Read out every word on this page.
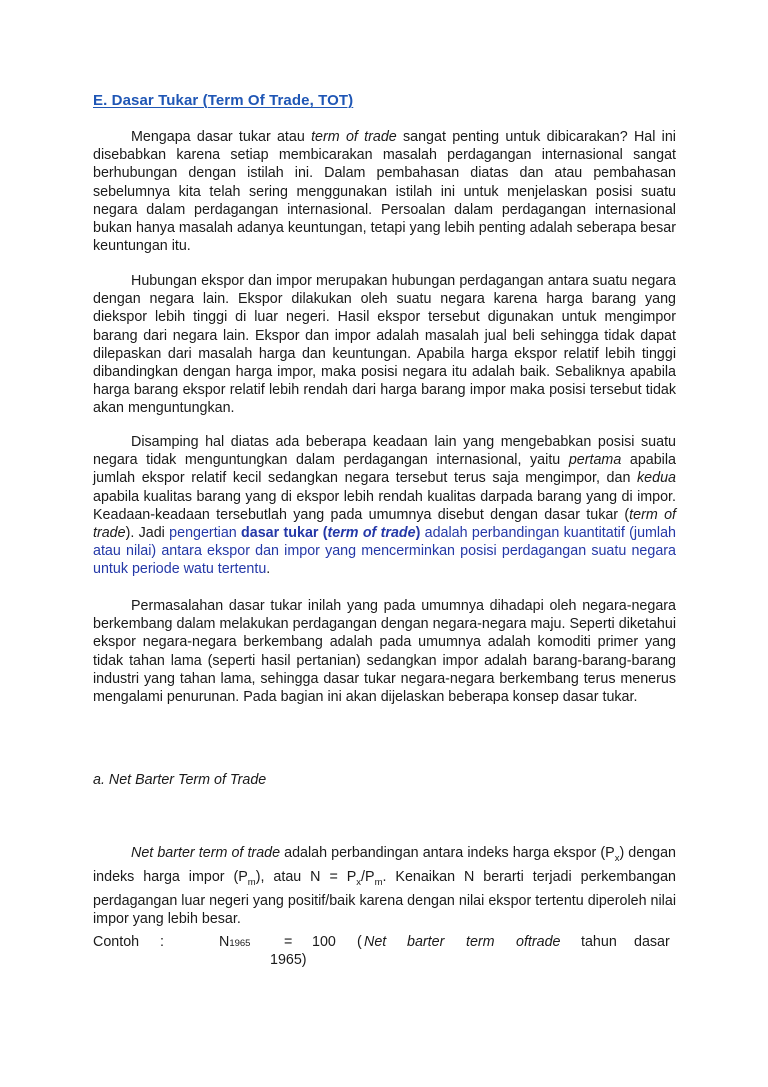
E. Dasar Tukar (Term Of Trade, TOT)

Mengapa dasar tukar atau term of trade sangat penting untuk dibicarakan? Hal ini disebabkan karena setiap membicarakan masalah perdagangan internasional sangat berhubungan dengan istilah ini. Dalam pembahasan diatas dan atau pembahasan sebelumnya kita telah sering menggunakan istilah ini untuk menjelaskan posisi suatu negara dalam perdagangan internasional. Persoalan dalam perdagangan internasional bukan hanya masalah adanya keuntungan, tetapi yang lebih penting adalah seberapa besar keuntungan itu.

Hubungan ekspor dan impor merupakan hubungan perdagangan antara suatu negara dengan negara lain. Ekspor dilakukan oleh suatu negara karena harga barang yang diekspor lebih tinggi di luar negeri. Hasil ekspor tersebut digunakan untuk mengimpor barang dari negara lain. Ekspor dan impor adalah masalah jual beli sehingga tidak dapat dilepaskan dari masalah harga dan keuntungan. Apabila harga ekspor relatif lebih tinggi dibandingkan dengan harga impor, maka posisi negara itu adalah baik. Sebaliknya apabila harga barang ekspor relatif lebih rendah dari harga barang impor maka posisi tersebut tidak akan menguntungkan.

Disamping hal diatas ada beberapa keadaan lain yang mengebabkan posisi suatu negara tidak menguntungkan dalam perdagangan internasional, yaitu pertama apabila jumlah ekspor relatif kecil sedangkan negara tersebut terus saja mengimpor, dan kedua apabila kualitas barang yang di ekspor lebih rendah kualitas darpada barang yang di impor. Keadaan-keadaan tersebutlah yang pada umumnya disebut dengan dasar tukar (term of trade). Jadi pengertian dasar tukar (term of trade) adalah perbandingan kuantitatif (jumlah atau nilai) antara ekspor dan impor yang mencerminkan posisi perdagangan suatu negara untuk periode watu tertentu.

Permasalahan dasar tukar inilah yang pada umumnya dihadapi oleh negara-negara berkembang dalam melakukan perdagangan dengan negara-negara maju. Seperti diketahui ekspor negara-negara berkembang adalah pada umumnya adalah komoditi primer yang tidak tahan lama (seperti hasil pertanian) sedangkan impor adalah barang-barang-barang industri yang tahan lama, sehingga dasar tukar negara-negara berkembang terus menerus mengalami penurunan. Pada bagian ini akan dijelaskan beberapa konsep dasar tukar.

a. Net Barter Term of Trade

Net barter term of trade adalah perbandingan antara indeks harga ekspor $(P_x)$ dengan indeks harga impor $(P_m)$, atau $N = P_x/P_m$. Kenaikan N berarti terjadi perkembangan perdagangan luar negeri yang positif/baik karena dengan nilai ekspor tertentu diperoleh nilai impor yang lebih besar.

Contoh :	N1965 = 100 ( Net barter term oftrade tahun dasar
1965)
